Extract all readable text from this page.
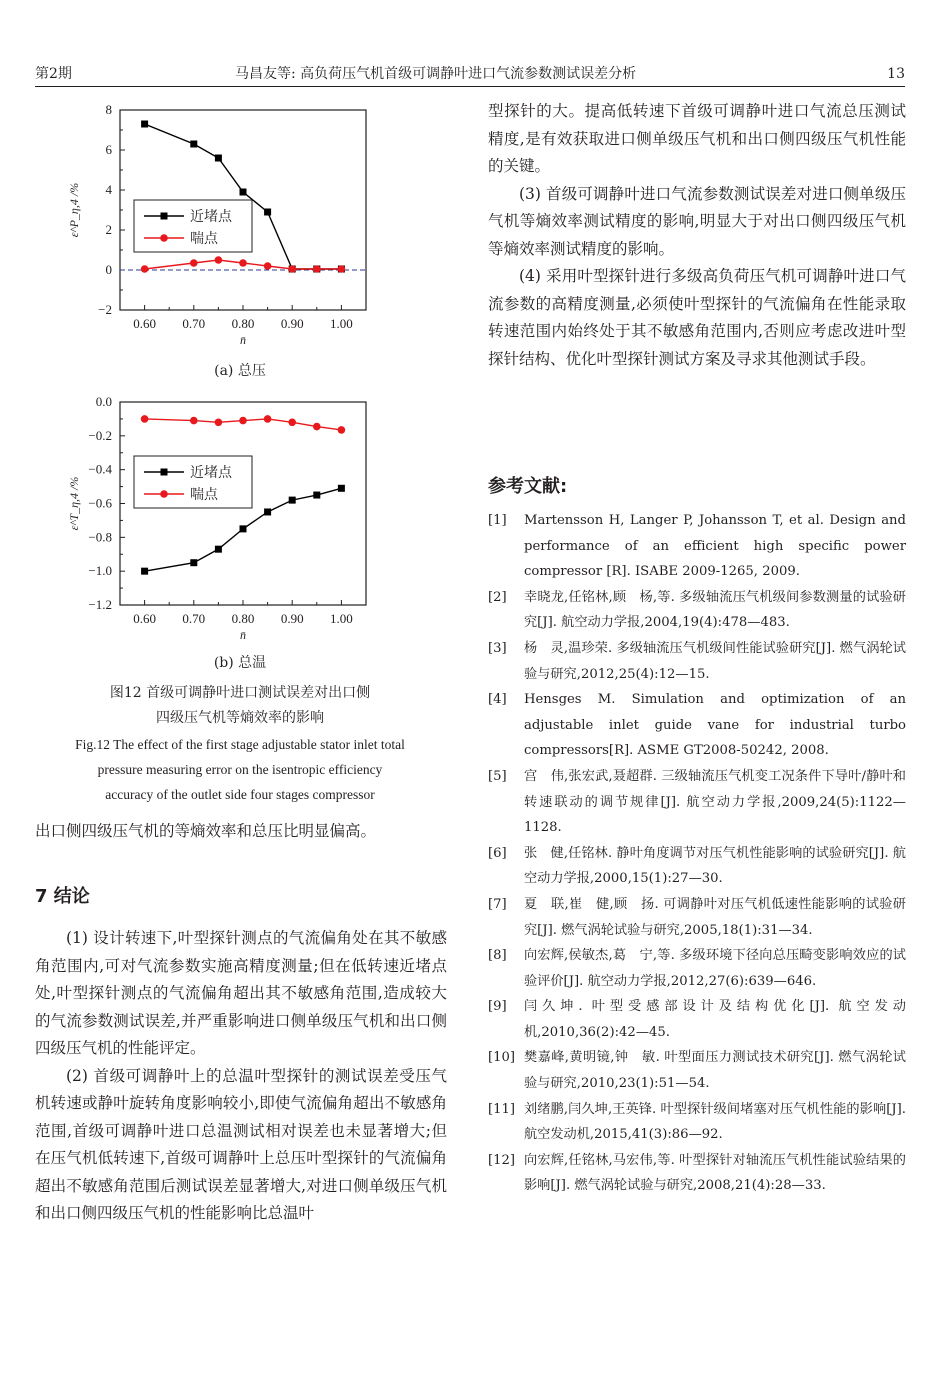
第2期	马昌友等: 高负荷压气机首级可调静叶进口气流参数测试误差分析	13

型探针的大。提高低转速下首级可调静叶进口气流总压测试精度,是有效获取进口侧单级压气机和出口侧四级压气机性能的关键。

(3) 首级可调静叶进口气流参数测试误差对进口侧单级压气机等熵效率测试精度的影响,明显大于对出口侧四级压气机等熵效率测试精度的影响。

(4) 采用叶型探针进行多级高负荷压气机可调静叶进口气流参数的高精度测量,必须使叶型探针的气流偏角在性能录取转速范围内始终处于其不敏感角范围内,否则应考虑改进叶型探针结构、优化叶型探针测试方案及寻求其他测试手段。

参考文献:
[1] Martensson H, Langer P, Johansson T, et al. Design and performance of an efficient high specific power compressor [R]. ISABE 2009-1265, 2009.
[2] 幸晓龙,任铭林,顾　杨,等. 多级轴流压气机级间参数测量的试验研究[J]. 航空动力学报,2004,19(4):478—483.
[3] 杨　灵,温珍荣. 多级轴流压气机级间性能试验研究[J]. 燃气涡轮试验与研究,2012,25(4):12—15.
[4] Hensges M. Simulation and optimization of an adjustable inlet guide vane for industrial turbo compressors[R]. ASME GT2008-50242, 2008.
[5] 宫　伟,张宏武,聂超群. 三级轴流压气机变工况条件下导叶/静叶和转速联动的调节规律[J]. 航空动力学报,2009,24(5):1122—1128.
[6] 张　健,任铭林. 静叶角度调节对压气机性能影响的试验研究[J]. 航空动力学报,2000,15(1):27—30.
[7] 夏　联,崔　健,顾　扬. 可调静叶对压气机低速性能影响的试验研究[J]. 燃气涡轮试验与研究,2005,18(1):31—34.
[8] 向宏辉,侯敏杰,葛　宁,等. 多级环境下径向总压畸变影响效应的试验评价[J]. 航空动力学报,2012,27(6):639—646.
[9] 闫久坤. 叶型受感部设计及结构优化[J]. 航空发动机,2010,36(2):42—45.
[10] 樊嘉峰,黄明镜,钟　敏. 叶型面压力测试技术研究[J]. 燃气涡轮试验与研究,2010,23(1):51—54.
[11] 刘绪鹏,闫久坤,王英锋. 叶型探针级间堵塞对压气机性能的影响[J]. 航空发动机,2015,41(3):86—92.
[12] 向宏辉,任铭林,马宏伟,等. 叶型探针对轴流压气机性能试验结果的影响[J]. 燃气涡轮试验与研究,2008,21(4):28—33.
0.60 0.70 0.80 0.90 1.00
−2
0
2
4
6
8
n̄
ε^P_η,4 /%	近堵点
喘点
(a) 总压
0.60 0.70 0.80 0.90 1.00
−1.2
−1.0
−0.8
−0.6
−0.4
−0.2
0.0
n̄
ε^T_η,4 /%
近堵点
喘点
(b) 总温
图12 首级可调静叶进口测试误差对出口侧
四级压气机等熵效率的影响
Fig.12 The effect of the first stage adjustable stator inlet total
pressure measuring error on the isentropic efficiency
accuracy of the outlet side four stages compressor

出口侧四级压气机的等熵效率和总压比明显偏高。

7 结论

(1) 设计转速下,叶型探针测点的气流偏角处在其不敏感角范围内,可对气流参数实施高精度测量;但在低转速近堵点处,叶型探针测点的气流偏角超出其不敏感角范围,造成较大的气流参数测试误差,并严重影响进口侧单级压气机和出口侧四级压气机的性能评定。

(2) 首级可调静叶上的总温叶型探针的测试误差受压气机转速或静叶旋转角度影响较小,即使气流偏角超出不敏感角范围,首级可调静叶进口总温测试相对误差也未显著增大;但在压气机低转速下,首级可调静叶上总压叶型探针的气流偏角超出不敏感角范围后测试误差显著增大,对进口侧单级压气机和出口侧四级压气机的性能影响比总温叶
